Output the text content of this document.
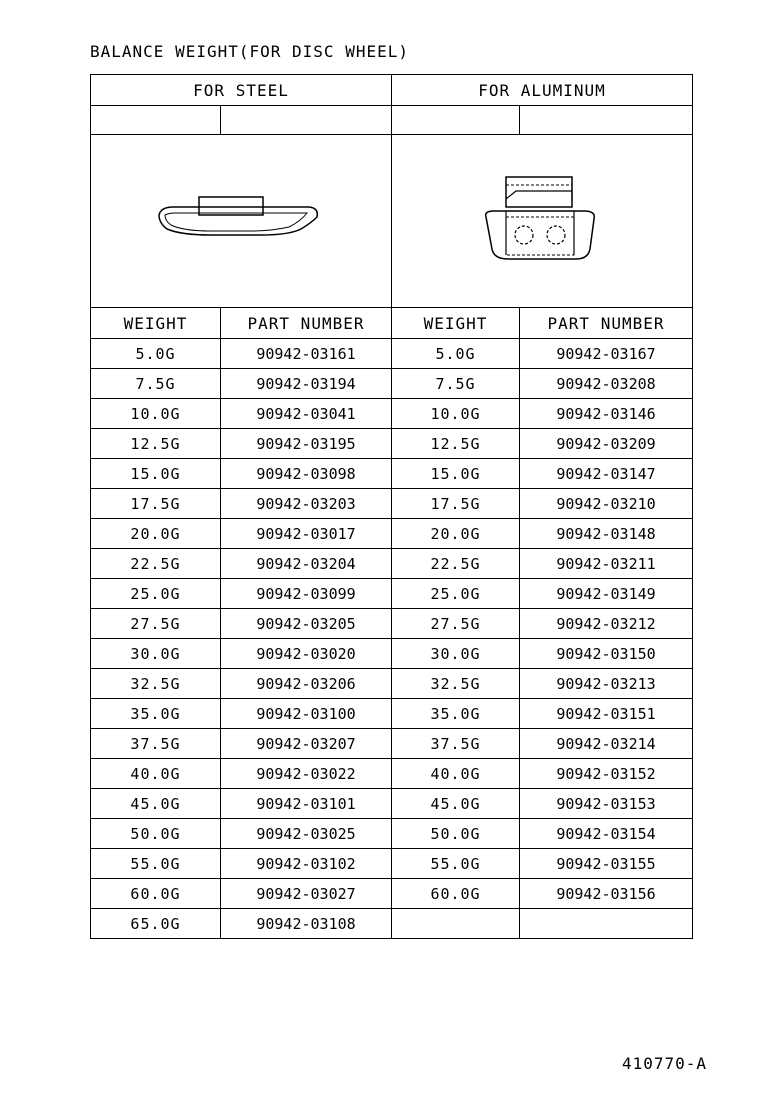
BALANCE WEIGHT(FOR DISC WHEEL)
FOR STEEL		FOR ALUMINUM	

WEIGHT	PART NUMBER	WEIGHT	PART NUMBER
5.0G	90942-03161	5.0G	90942-03167
7.5G	90942-03194	7.5G	90942-03208
10.0G	90942-03041	10.0G	90942-03146
12.5G	90942-03195	12.5G	90942-03209
15.0G	90942-03098	15.0G	90942-03147
17.5G	90942-03203	17.5G	90942-03210
20.0G	90942-03017	20.0G	90942-03148
22.5G	90942-03204	22.5G	90942-03211
25.0G	90942-03099	25.0G	90942-03149
27.5G	90942-03205	27.5G	90942-03212
30.0G	90942-03020	30.0G	90942-03150
32.5G	90942-03206	32.5G	90942-03213
35.0G	90942-03100	35.0G	90942-03151
37.5G	90942-03207	37.5G	90942-03214
40.0G	90942-03022	40.0G	90942-03152
45.0G	90942-03101	45.0G	90942-03153
50.0G	90942-03025	50.0G	90942-03154
55.0G	90942-03102	55.0G	90942-03155
60.0G	90942-03027	60.0G	90942-03156
65.0G	90942-03108		
410770-A
